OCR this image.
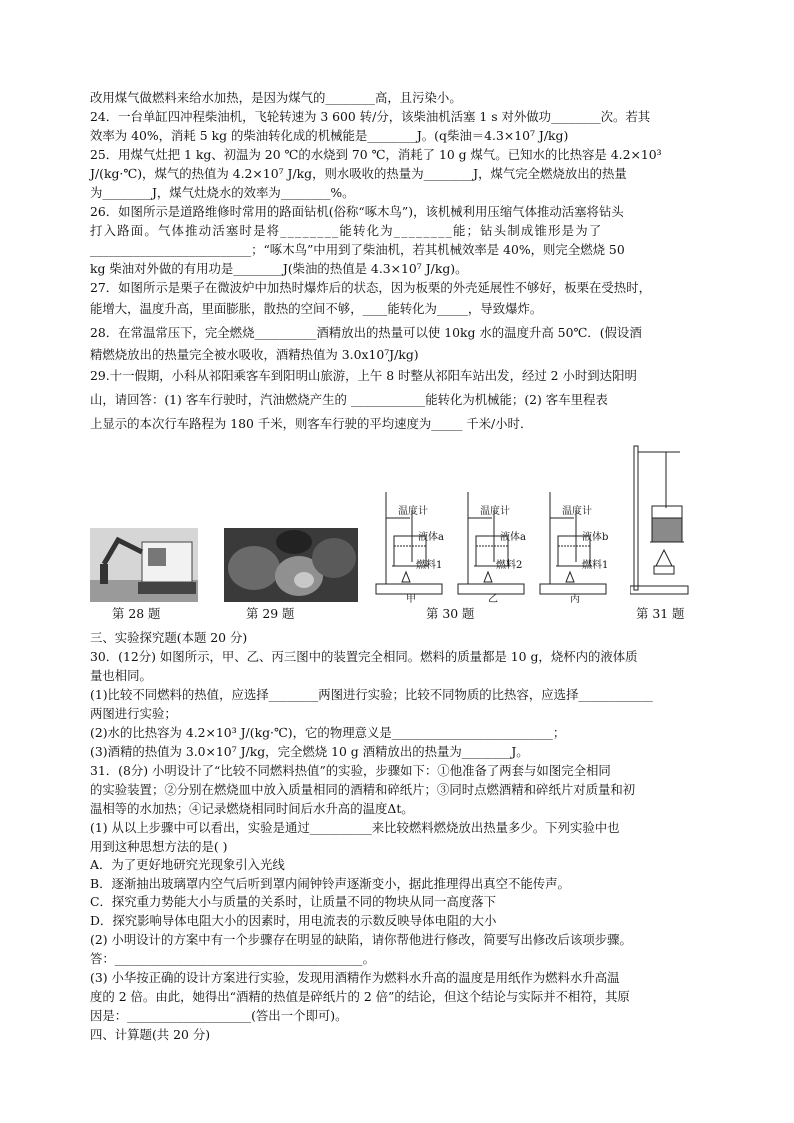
改用煤气做燃料来给水加热，是因为煤气的________高，且污染小。

24．一台单缸四冲程柴油机，飞轮转速为 3 600 转/分，该柴油机活塞 1 s 对外做功________次。若其

效率为 40%，消耗 5 kg 的柴油转化成的机械能是________J。(q柴油＝4.3×10⁷ J/kg)

25．用煤气灶把 1 kg、初温为 20 ℃的水烧到 70 ℃，消耗了 10 g 煤气。已知水的比热容是 4.2×10³

J/(kg·℃)，煤气的热值为 4.2×10⁷ J/kg，则水吸收的热量为________J，煤气完全燃烧放出的热量

为________J，煤气灶烧水的效率为________%。

26．如图所示是道路维修时常用的路面钻机(俗称“啄木鸟”)，该机械利用压缩气体推动活塞将钻头

打入路面。气体推动活塞时是将________能转化为________能；钻头制成锥形是为了

__________________________；“啄木鸟”中用到了柴油机，若其机械效率是 40%，则完全燃烧 50

kg 柴油对外做的有用功是________J(柴油的热值是 4.3×10⁷ J/kg)。

27．如图所示是栗子在微波炉中加热时爆炸后的状态，因为板栗的外壳延展性不够好，板栗在受热时，

能增大，温度升高，里面膨胀，散热的空间不够，____能转化为_____，导致爆炸。

28．在常温常压下，完全燃烧__________酒精放出的热量可以使 10kg 水的温度升高 50℃．(假设酒

精燃烧放出的热量完全被水吸收，酒精热值为 3.0x10⁷J/kg)

29.十一假期，小科从祁阳乘客车到阳明山旅游，上午 8 时整从祁阳车站出发，经过 2 小时到达阳明

山，请回答：(1) 客车行驶时，汽油燃烧产生的 ____________能转化为机械能；(2) 客车里程表

上显示的本次行车路程为 180 千米，则客车行驶的平均速度为_____ 千米/小时．

第 28 题	第 29 题
温度计
液体a
燃料1
温度计
液体a
燃料2
温度计
液体b
燃料1
甲	乙	丙
第 30 题	第 31 题

三、实验探究题(本题 20 分)

30．(12分) 如图所示，甲、乙、丙三图中的装置完全相同。燃料的质量都是 10 g，烧杯内的液体质

量也相同。

(1)比较不同燃料的热值，应选择________两图进行实验；比较不同物质的比热容，应选择____________

两图进行实验；

(2)水的比热容为 4.2×10³ J/(kg·℃)，它的物理意义是__________________________；

(3)酒精的热值为 3.0×10⁷ J/kg，完全燃烧 10 g 酒精放出的热量为________J。

31．(8分) 小明设计了“比较不同燃料热值”的实验，步骤如下：①他准备了两套与如图完全相同

的实验装置；②分别在燃烧皿中放入质量相同的酒精和碎纸片；③同时点燃酒精和碎纸片对质量和初

温相等的水加热；④记录燃烧相同时间后水升高的温度Δt。

(1) 从以上步骤中可以看出，实验是通过__________来比较燃料燃烧放出热量多少。下列实验中也

用到这种思想方法的是( )

A．为了更好地研究光现象引入光线

B．逐渐抽出玻璃罩内空气后听到罩内闹钟铃声逐渐变小，据此推理得出真空不能传声。

C．探究重力势能大小与质量的关系时，让质量不同的物块从同一高度落下

D．探究影响导体电阻大小的因素时，用电流表的示数反映导体电阻的大小

(2) 小明设计的方案中有一个步骤存在明显的缺陷，请你帮他进行修改，简要写出修改后该项步骤。

答：________________________________________。

(3) 小华按正确的设计方案进行实验，发现用酒精作为燃料水升高的温度是用纸作为燃料水升高温

度的 2 倍。由此，她得出“酒精的热值是碎纸片的 2 倍”的结论，但这个结论与实际并不相符，其原

因是：____________________(答出一个即可)。

四、计算题(共 20 分)
